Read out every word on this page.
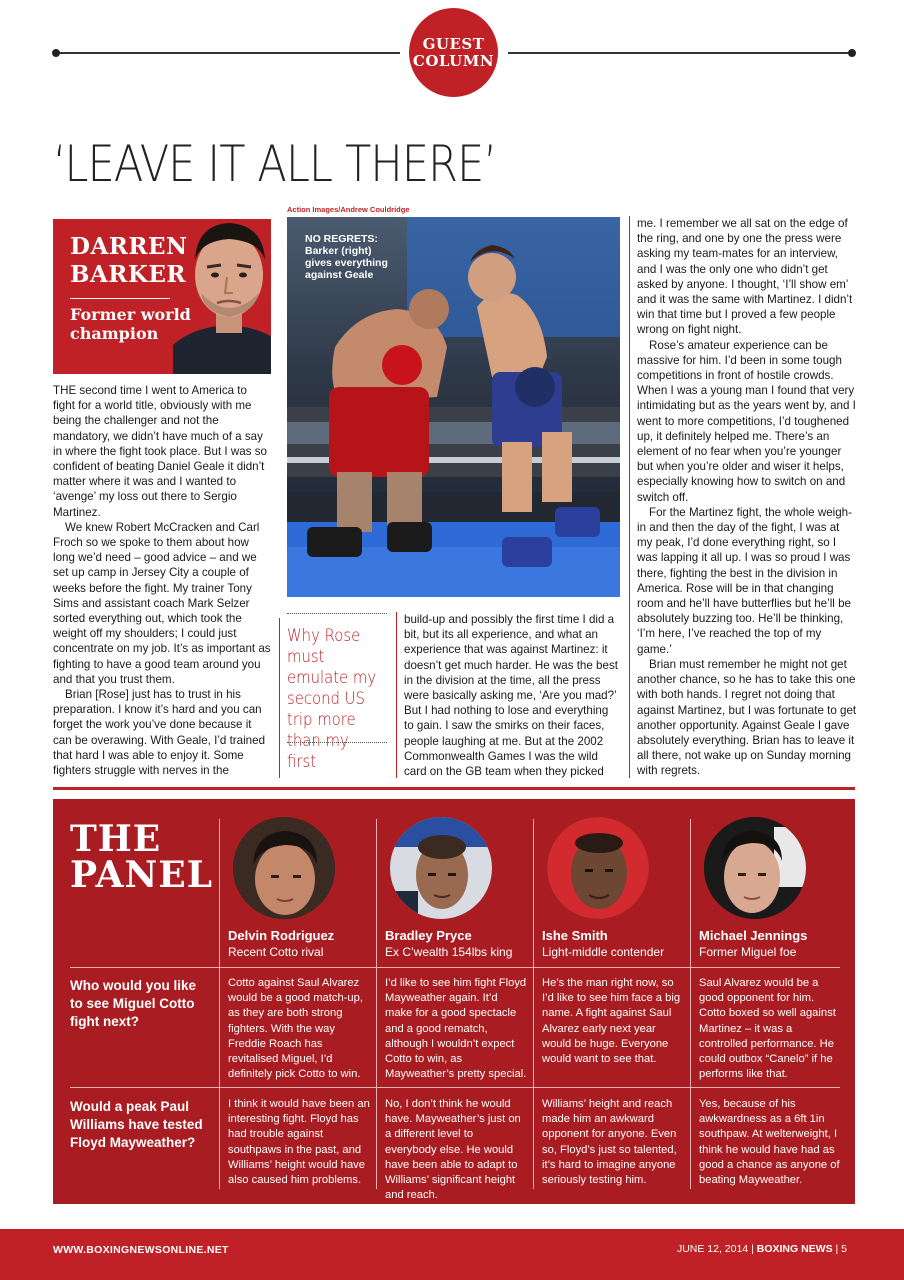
GUEST
COLUMN
‘LEAVE IT ALL THERE’
DARREN
BARKER
Former world
champion

THE second time I went to America to fight for a world title, obviously with me being the challenger and not the mandatory, we didn’t have much of a say in where the fight took place. But I was so confident of beating Daniel Geale it didn’t matter where it was and I wanted to ‘avenge’ my loss out there to Sergio Martinez.

We knew Robert McCracken and Carl Froch so we spoke to them about how long we’d need – good advice – and we set up camp in Jersey City a couple of weeks before the fight. My trainer Tony Sims and assistant coach Mark Selzer sorted everything out, which took the weight off my shoulders; I could just concentrate on my job. It’s as important as fighting to have a good team around you and that you trust them.

Brian [Rose] just has to trust in his preparation. I know it’s hard and you can forget the work you’ve done because it can be overawing. With Geale, I’d trained that hard I was able to enjoy it. Some fighters struggle with nerves in the

Action Images/Andrew Couldridge
NO REGRETS:
Barker (right)
gives everything
against Geale
Why Rose must emulate my second US trip more than my first

build-up and possibly the first time I did a bit, but its all experience, and what an experience that was against Martinez: it doesn’t get much harder. He was the best in the division at the time, all the press were basically asking me, ‘Are you mad?’ But I had nothing to lose and everything to gain. I saw the smirks on their faces, people laughing at me. But at the 2002 Commonwealth Games I was the wild card on the GB team when they picked

me. I remember we all sat on the edge of the ring, and one by one the press were asking my team-mates for an interview, and I was the only one who didn’t get asked by anyone. I thought, ‘I’ll show em’ and it was the same with Martinez. I didn’t win that time but I proved a few people wrong on fight night.

Rose’s amateur experience can be massive for him. I’d been in some tough competitions in front of hostile crowds. When I was a young man I found that very intimidating but as the years went by, and I went to more competitions, I’d toughened up, it definitely helped me. There’s an element of no fear when you’re younger but when you’re older and wiser it helps, especially knowing how to switch on and switch off.

For the Martinez fight, the whole weigh-in and then the day of the fight, I was at my peak, I’d done everything right, so I was lapping it all up. I was so proud I was there, fighting the best in the division in America. Rose will be in that changing room and he’ll have butterflies but he’ll be absolutely buzzing too. He’ll be thinking, ‘I’m here, I’ve reached the top of my game.’

Brian must remember he might not get another chance, so he has to take this one with both hands. I regret not doing that against Martinez, but I was fortunate to get another opportunity. Against Geale I gave absolutely everything. Brian has to leave it all there, not wake up on Sunday morning with regrets.

THE
PANEL
Delvin Rodriguez
Recent Cotto rival
Bradley Pryce
Ex C’wealth 154lbs king
Ishe Smith
Light-middle contender
Michael Jennings
Former Miguel foe
Who would you like to see Miguel Cotto fight next?
Would a peak Paul Williams have tested Floyd Mayweather?
Cotto against Saul Alvarez would be a good match-up, as they are both strong fighters. With the way Freddie Roach has revitalised Miguel, I’d definitely pick Cotto to win.
I’d like to see him fight Floyd Mayweather again. It’d make for a good spectacle and a good rematch, although I wouldn’t expect Cotto to win, as Mayweather’s pretty special.
He’s the man right now, so I’d like to see him face a big name. A fight against Saul Alvarez early next year would be huge. Everyone would want to see that.
Saul Alvarez would be a good opponent for him. Cotto boxed so well against Martinez – it was a controlled performance. He could outbox “Canelo” if he performs like that.
I think it would have been an interesting fight. Floyd has had trouble against southpaws in the past, and Williams’ height would have also caused him problems.
No, I don’t think he would have. Mayweather’s just on a different level to everybody else. He would have been able to adapt to Williams’ significant height and reach.
Williams’ height and reach made him an awkward opponent for anyone. Even so, Floyd’s just so talented, it’s hard to imagine anyone seriously testing him.
Yes, because of his awkwardness as a 6ft 1in southpaw. At welterweight, I think he would have had as good a chance as anyone of beating Mayweather.
WWW.BOXINGNEWSONLINE.NET	JUNE 12, 2014 | BOXING NEWS | 5
